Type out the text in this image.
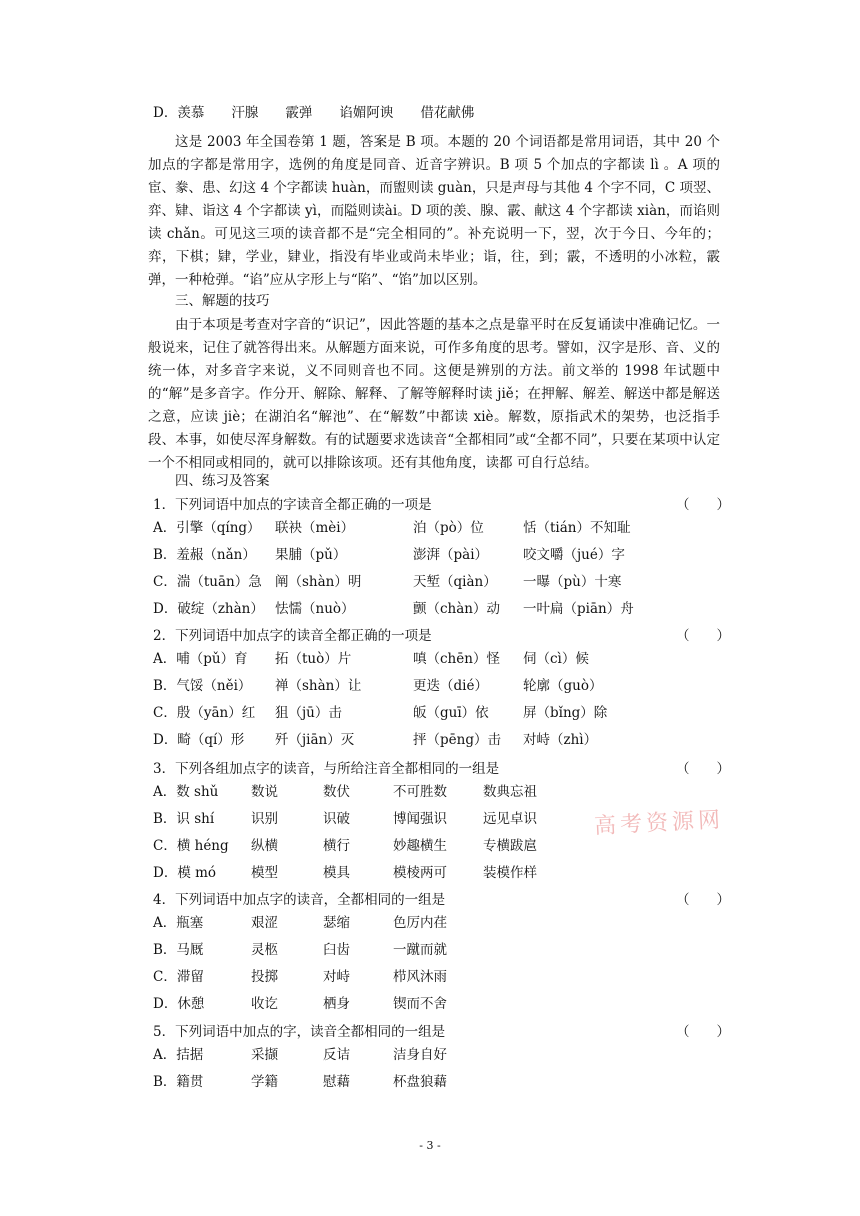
D．羡慕　　汗腺　　霰弹　　谄媚阿谀　　借花献佛

这是 2003 年全国卷第 1 题，答案是 B 项。本题的 20 个词语都是常用词语，其中 20 个加点的字都是常用字，选例的角度是同音、近音字辨识。B 项 5 个加点的字都读 lì 。A 项的宦、豢、患、幻这 4 个字都读 huàn，而盥则读 guàn，只是声母与其他 4 个字不同，C 项翌、弈、肄、诣这 4 个字都读 yì，而隘则读ài。D 项的羡、腺、霰、献这 4 个字都读 xiàn，而谄则读 chǎn。可见这三项的读音都不是“完全相同的”。补充说明一下，翌，次于今日、今年的；弈，下棋；肄，学业，肄业，指没有毕业或尚未毕业；诣，往，到；霰，不透明的小冰粒，霰弹，一种枪弹。“谄”应从字形上与“陷”、“馅”加以区别。

三、解题的技巧

由于本项是考查对字音的“识记”，因此答题的基本之点是靠平时在反复诵读中准确记忆。一般说来，记住了就答得出来。从解题方面来说，可作多角度的思考。譬如，汉字是形、音、义的统一体，对多音字来说，义不同则音也不同。这便是辨别的方法。前文举的 1998 年试题中的“解”是多音字。作分开、解除、解释、了解等解释时读 jiě；在押解、解差、解送中都是解送之意，应读 jiè；在湖泊名“解池”、在“解数”中都读 xiè。解数，原指武术的架势，也泛指手段、本事，如使尽浑身解数。有的试题要求选读音“全都相同”或“全都不同”，只要在某项中认定一个不相同或相同的，就可以排除该项。还有其他角度，读都 可自行总结。

四、练习及答案
1．下列词语中加点的字读音全都正确的一项是	（　　）
A．引擎（qíng） 联袂（mèi）	泊（pò）位	恬（tián）不知耻
B．羞赧（nǎn） 果脯（pǔ）	澎湃（pài）	咬文嚼（jué）字
C．湍（tuān）急 阐（shàn）明	天堑（qiàn） 一曝（pù）十寒
D．破绽（zhàn） 怯懦（nuò）	颤（chàn）动 一叶扁（piān）舟
2．下列词语中加点字的读音全都正确的一项是	（　　）
A．哺（pǔ）育 拓（tuò）片	嗔（chēn）怪 伺（cì）候
B．气馁（něi） 禅（shàn）让	更迭（dié）	轮廓（guò）
C．殷（yān）红 狙（jū）击	皈（guī）依	屏（bǐng）除
D．畸（qí）形 歼（jiān）灭	抨（pēng）击 对峙（zhì）
3．下列各组加点字的读音，与所给注音全都相同的一组是	（　　）
A．数 shǔ 数说	数伏	不可胜数	数典忘祖
B．识 shí	识别	识破	博闻强识	远见卓识
C．横 héng 纵横	横行	妙趣横生	专横跋扈
D．模 mó	模型	模具	模棱两可	装模作样
4．下列词语中加点字的读音，全都相同的一组是	（　　）
A．瓶塞	艰涩	瑟缩	色厉内荏
B．马厩	灵柩	臼齿	一蹴而就
C．滞留	投掷	对峙	栉风沐雨
D．休憩	收讫	栖身	锲而不舍
5．下列词语中加点的字，读音全都相同的一组是	（　　）
A．拮据	采撷	反诘	洁身自好
B．籍贯	学籍	慰藉	杯盘狼藉
高考资源网
- 3 -
